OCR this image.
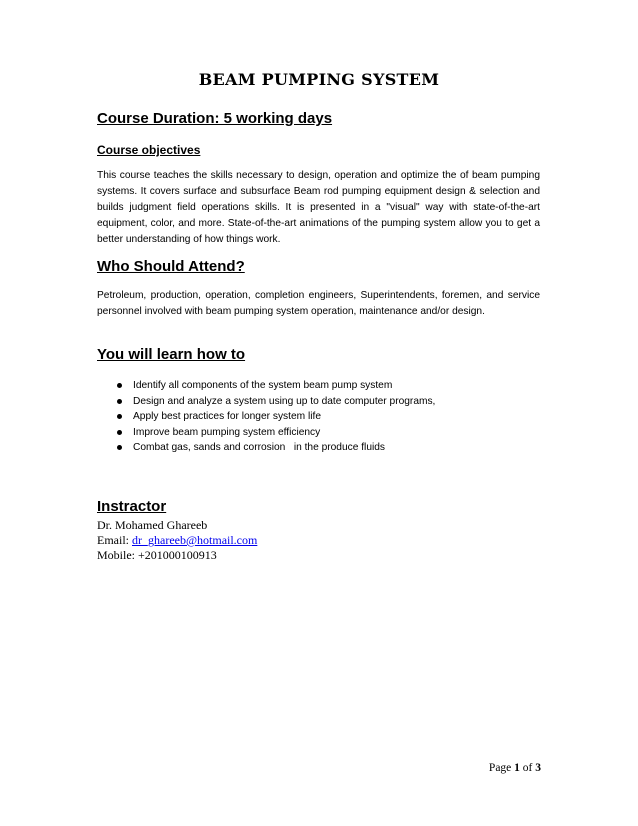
BEAM PUMPING SYSTEM
Course Duration: 5 working days
Course objectives

This course teaches the skills necessary to design, operation and optimize the of beam pumping systems. It covers surface and subsurface Beam rod pumping equipment design & selection and builds judgment field operations skills. It is presented in a "visual" way with state-of-the-art equipment, color, and more. State-of-the-art animations of the pumping system allow you to get a better understanding of how things work.

Who Should Attend?

Petroleum, production, operation, completion engineers, Superintendents, foremen, and service personnel involved with beam pumping system operation, maintenance and/or design.

You will learn how to
Identify all components of the system beam pump system
Design and analyze a system using up to date computer programs,
Apply best practices for longer system life
Improve beam pumping system efficiency
Combat gas, sands and corrosion   in the produce fluids
Instractor
Dr. Mohamed Ghareeb
Email: dr_ghareeb@hotmail.com
Mobile: +201000100913
Page 1 of 3
